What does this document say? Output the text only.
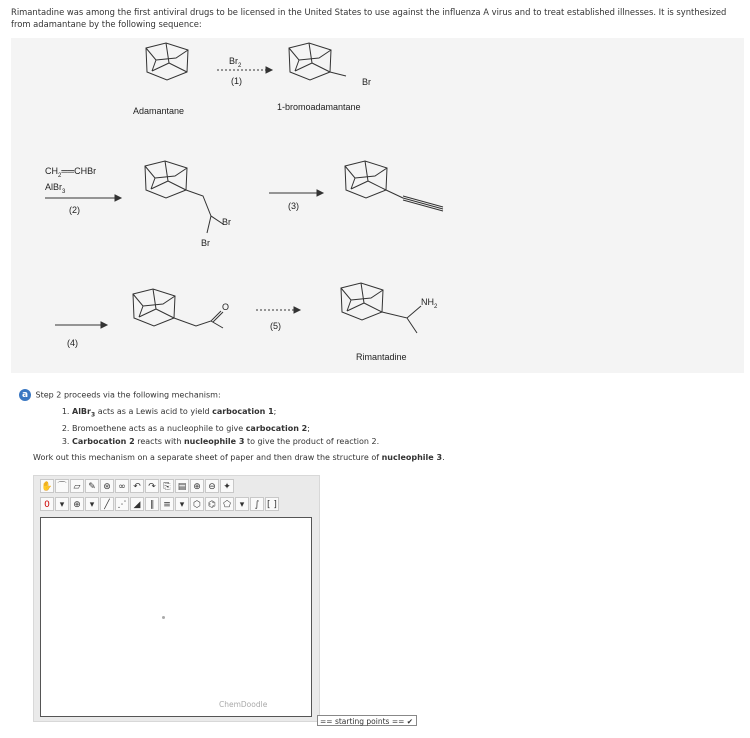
Rimantadine was among the first antiviral drugs to be licensed in the United States to use against the influenza A virus and to treat established illnesses. It is synthesized from adamantane by the following sequence:
Adamantane
$Br_2$
(1)	Br
1-bromoadamantane
$CH_2══CHBr$
AlBr$_3$
(2)
Br
Br
(3)
(4)
O
(5)
$NH_2$
Rimantadine
a Step 2 proceeds via the following mechanism:
1. AlBr$_3$ acts as a Lewis acid to yield carbocation 1;
2. Bromoethene acts as a nucleophile to give carbocation 2;
3. Carbocation 2 reacts with nucleophile 3 to give the product of reaction 2.
Work out this mechanism on a separate sheet of paper and then draw the structure of nucleophile 3.
✋ ⌒ ▱ ✎ ⊛ ∞ ↶ ↷ ⎘ ▤ ⊕ ⊖ ✦
0	▾ ⊕ ▾	╱ ⋰ ◢	∥ ≡ ▾ ⬡ ⌬ ⬠ ▾	∫ [ ]
ChemDoodle
== starting points == ✔
